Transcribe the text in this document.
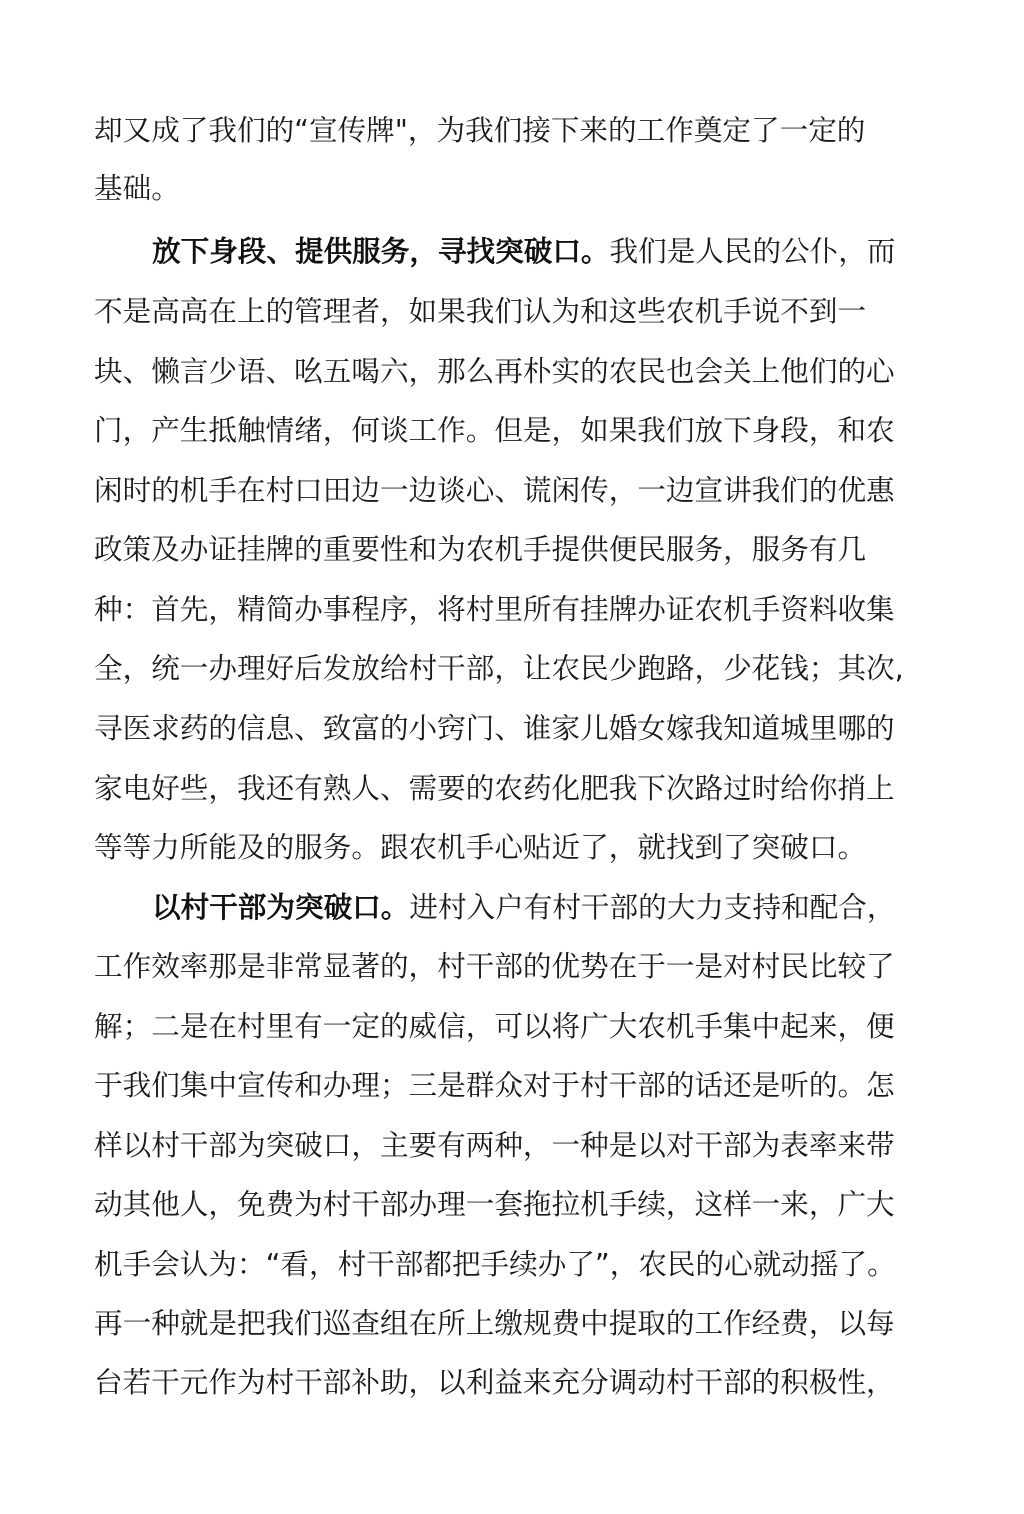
却又成了我们的“宣传牌"，为我们接下来的工作奠定了一定的
基础。
放下身段、提供服务，寻找突破口。我们是人民的公仆，而
不是高高在上的管理者，如果我们认为和这些农机手说不到一
块、懒言少语、吆五喝六，那么再朴实的农民也会关上他们的心
门，产生抵触情绪，何谈工作。但是，如果我们放下身段，和农
闲时的机手在村口田边一边谈心、谎闲传，一边宣讲我们的优惠
政策及办证挂牌的重要性和为农机手提供便民服务，服务有几
种：首先，精简办事程序，将村里所有挂牌办证农机手资料收集
全，统一办理好后发放给村干部，让农民少跑路，少花钱；其次,
寻医求药的信息、致富的小窍门、谁家儿婚女嫁我知道城里哪的
家电好些，我还有熟人、需要的农药化肥我下次路过时给你捎上
等等力所能及的服务。跟农机手心贴近了，就找到了突破口。
以村干部为突破口。进村入户有村干部的大力支持和配合，
工作效率那是非常显著的，村干部的优势在于一是对村民比较了
解；二是在村里有一定的威信，可以将广大农机手集中起来，便
于我们集中宣传和办理；三是群众对于村干部的话还是听的。怎
样以村干部为突破口，主要有两种，一种是以对干部为表率来带
动其他人，免费为村干部办理一套拖拉机手续，这样一来，广大
机手会认为：“看，村干部都把手续办了”，农民的心就动摇了。
再一种就是把我们巡查组在所上缴规费中提取的工作经费，以每
台若干元作为村干部补助，以利益来充分调动村干部的积极性，
